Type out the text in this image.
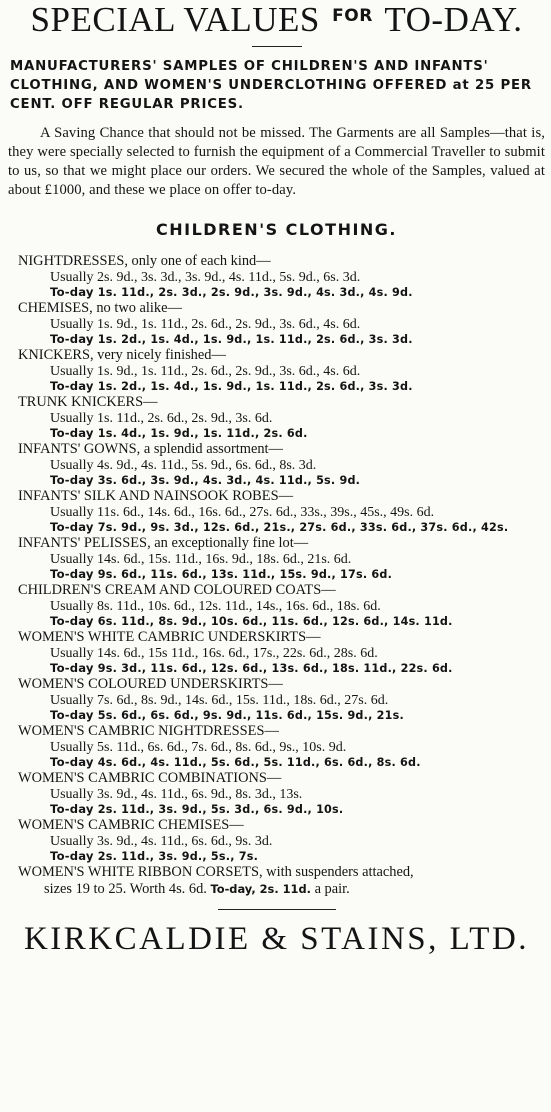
SPECIAL VALUES $^{FOR}$ TO-DAY.
MANUFACTURERS' SAMPLES OF CHILDREN'S AND INFANTS'
CLOTHING, AND WOMEN'S UNDERCLOTHING OFFERED at 25 PER
CENT. OFF REGULAR PRICES.

A Saving Chance that should not be missed. The Garments are all Samples—that is, they were specially selected to furnish the equipment of a Commercial Traveller to submit to us, so that we might place our orders. We secured the whole of the Samples, valued at about £1000, and these we place on offer to-day.

CHILDREN'S CLOTHING.
NIGHTDRESSES, only one of each kind—
Usually 2s. 9d., 3s. 3d., 3s. 9d., 4s. 11d., 5s. 9d., 6s. 3d.
To-day 1s. 11d., 2s. 3d., 2s. 9d., 3s. 9d., 4s. 3d., 4s. 9d.
CHEMISES, no two alike—
Usually 1s. 9d., 1s. 11d., 2s. 6d., 2s. 9d., 3s. 6d., 4s. 6d.
To-day 1s. 2d., 1s. 4d., 1s. 9d., 1s. 11d., 2s. 6d., 3s. 3d.
KNICKERS, very nicely finished—
Usually 1s. 9d., 1s. 11d., 2s. 6d., 2s. 9d., 3s. 6d., 4s. 6d.
To-day 1s. 2d., 1s. 4d., 1s. 9d., 1s. 11d., 2s. 6d., 3s. 3d.
TRUNK KNICKERS—
Usually 1s. 11d., 2s. 6d., 2s. 9d., 3s. 6d.
To-day 1s. 4d., 1s. 9d., 1s. 11d., 2s. 6d.
INFANTS' GOWNS, a splendid assortment—
Usually 4s. 9d., 4s. 11d., 5s. 9d., 6s. 6d., 8s. 3d.
To-day 3s. 6d., 3s. 9d., 4s. 3d., 4s. 11d., 5s. 9d.
INFANTS' SILK AND NAINSOOK ROBES—
Usually 11s. 6d., 14s. 6d., 16s. 6d., 27s. 6d., 33s., 39s., 45s., 49s. 6d.
To-day 7s. 9d., 9s. 3d., 12s. 6d., 21s., 27s. 6d., 33s. 6d., 37s. 6d., 42s.
INFANTS' PELISSES, an exceptionally fine lot—
Usually 14s. 6d., 15s. 11d., 16s. 9d., 18s. 6d., 21s. 6d.
To-day 9s. 6d., 11s. 6d., 13s. 11d., 15s. 9d., 17s. 6d.
CHILDREN'S CREAM AND COLOURED COATS—
Usually 8s. 11d., 10s. 6d., 12s. 11d., 14s., 16s. 6d., 18s. 6d.
To-day 6s. 11d., 8s. 9d., 10s. 6d., 11s. 6d., 12s. 6d., 14s. 11d.
WOMEN'S WHITE CAMBRIC UNDERSKIRTS—
Usually 14s. 6d., 15s 11d., 16s. 6d., 17s., 22s. 6d., 28s. 6d.
To-day 9s. 3d., 11s. 6d., 12s. 6d., 13s. 6d., 18s. 11d., 22s. 6d.
WOMEN'S COLOURED UNDERSKIRTS—
Usually 7s. 6d., 8s. 9d., 14s. 6d., 15s. 11d., 18s. 6d., 27s. 6d.
To-day 5s. 6d., 6s. 6d., 9s. 9d., 11s. 6d., 15s. 9d., 21s.
WOMEN'S CAMBRIC NIGHTDRESSES—
Usually 5s. 11d., 6s. 6d., 7s. 6d., 8s. 6d., 9s., 10s. 9d.
To-day 4s. 6d., 4s. 11d., 5s. 6d., 5s. 11d., 6s. 6d., 8s. 6d.
WOMEN'S CAMBRIC COMBINATIONS—
Usually 3s. 9d., 4s. 11d., 6s. 9d., 8s. 3d., 13s.
To-day 2s. 11d., 3s. 9d., 5s. 3d., 6s. 9d., 10s.
WOMEN'S CAMBRIC CHEMISES—
Usually 3s. 9d., 4s. 11d., 6s. 6d., 9s. 3d.
To-day 2s. 11d., 3s. 9d., 5s., 7s.
WOMEN'S WHITE RIBBON CORSETS, with suspenders attached,
sizes 19 to 25. Worth 4s. 6d. To-day, 2s. 11d. a pair.
KIRKCALDIE & STAINS, LTD.
